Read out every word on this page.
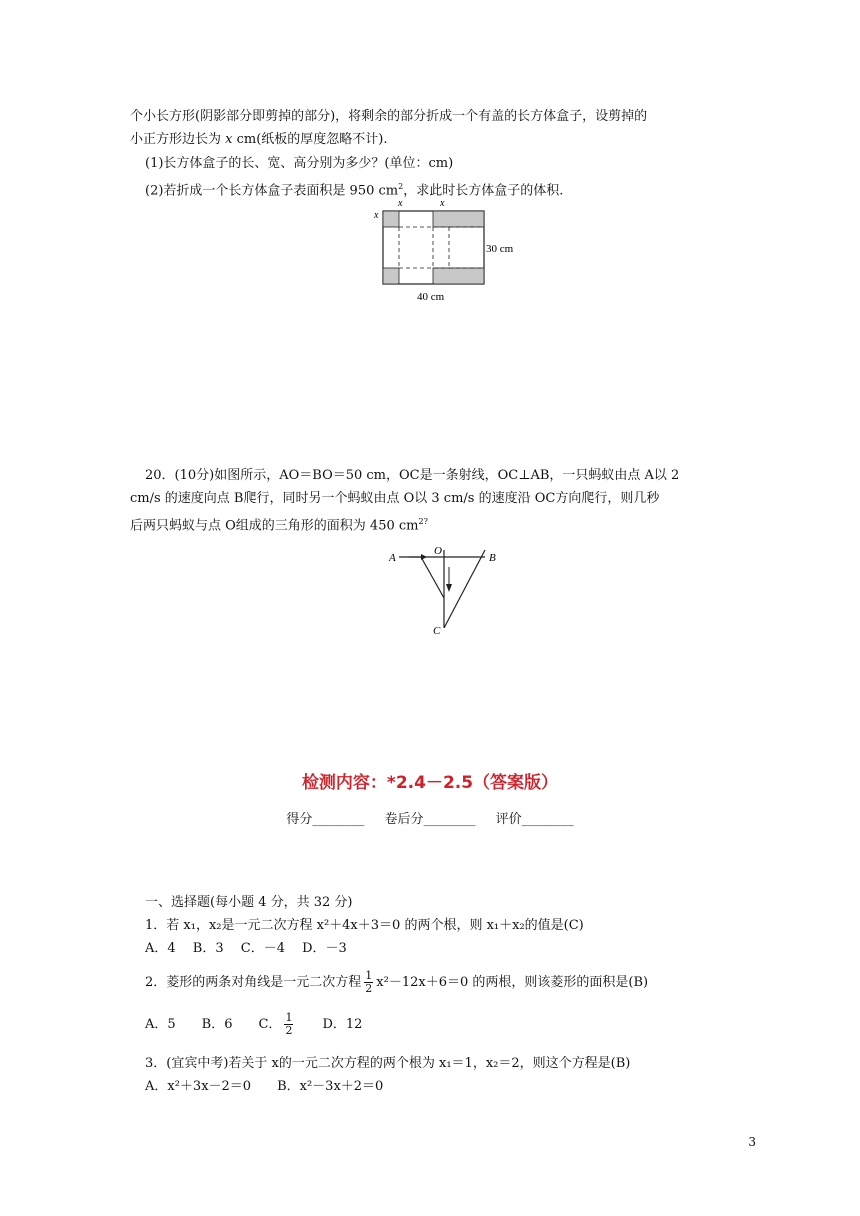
个小长方形(阴影部分即剪掉的部分)，将剩余的部分折成一个有盖的长方体盒子，设剪掉的
小正方形边长为 x cm(纸板的厚度忽略不计).
(1)长方体盒子的长、宽、高分别为多少？(单位：cm)
(2)若折成一个长方体盒子表面积是 950 $cm^2$，求此时长方体盒子的体积.
x	x
x
30 cm
40 cm
20．(10分)如图所示，AO＝BO＝50 cm，OC是一条射线，OC⊥AB，一只蚂蚁由点 A以 2
cm/s 的速度向点 B爬行，同时另一个蚂蚁由点 O以 3 cm/s 的速度沿 OC方向爬行，则几秒
后两只蚂蚁与点 O组成的三角形的面积为 450 $cm^{2?}$
A
O
B
C
检测内容：*2.4－2.5（答案版）
得分________ 卷后分________ 评价________
一、选择题(每小题 4 分，共 32 分)
1．若 x₁，x₂是一元二次方程 x²＋4x＋3＝0 的两个根，则 x₁＋x₂的值是(C)
A．4　 B．3　 C．－4　 D．－3
2．菱形的两条对角线是一元二次方程 $\frac{1}{2} x^2-12x+6=0$ 的两根，则该菱形的面积是(B)
A．5　　B．6　　C． $\frac{1}{2}$ 　　D．12
3．(宜宾中考)若关于 x的一元二次方程的两个根为 x₁＝1，x₂＝2，则这个方程是(B)
A．x²＋3x－2＝0　　B．x²－3x＋2＝0
3
